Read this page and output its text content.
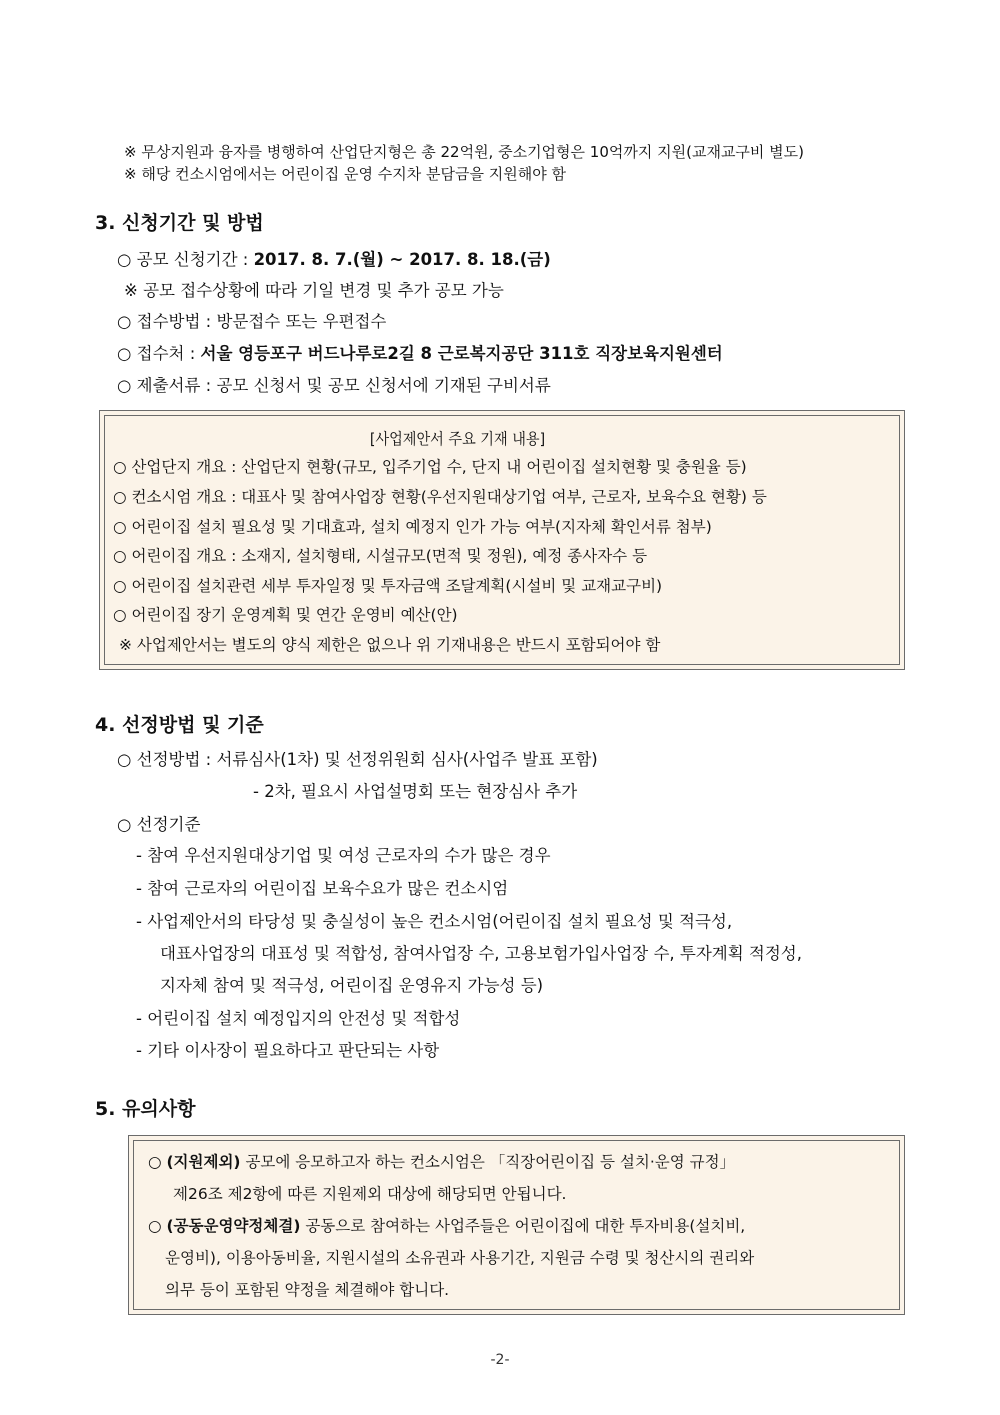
※ 무상지원과 융자를 병행하여 산업단지형은 총 22억원, 중소기업형은 10억까지 지원(교재교구비 별도)
※ 해당 컨소시엄에서는 어린이집 운영 수지차 분담금을 지원해야 함
3. 신청기간 및 방법
○ 공모 신청기간 : 2017. 8. 7.(월) ~ 2017. 8. 18.(금)
※ 공모 접수상황에 따라 기일 변경 및 추가 공모 가능
○ 접수방법 : 방문접수 또는 우편접수
○ 접수처 : 서울 영등포구 버드나루로2길 8 근로복지공단 311호 직장보육지원센터
○ 제출서류 : 공모 신청서 및 공모 신청서에 기재된 구비서류
[사업제안서 주요 기재 내용]
○ 산업단지 개요 : 산업단지 현황(규모, 입주기업 수, 단지 내 어린이집 설치현황 및 충원율 등)
○ 컨소시엄 개요 : 대표사 및 참여사업장 현황(우선지원대상기업 여부, 근로자, 보육수요 현황) 등
○ 어린이집 설치 필요성 및 기대효과, 설치 예정지 인가 가능 여부(지자체 확인서류 첨부)
○ 어린이집 개요 : 소재지, 설치형태, 시설규모(면적 및 정원), 예정 종사자수 등
○ 어린이집 설치관련 세부 투자일정 및 투자금액 조달계획(시설비 및 교재교구비)
○ 어린이집 장기 운영계획 및 연간 운영비 예산(안)
※ 사업제안서는 별도의 양식 제한은 없으나 위 기재내용은 반드시 포함되어야 함
4. 선정방법 및 기준
○ 선정방법 : 서류심사(1차) 및 선정위원회 심사(사업주 발표 포함)
- 2차, 필요시 사업설명회 또는 현장심사 추가
○ 선정기준
- 참여 우선지원대상기업 및 여성 근로자의 수가 많은 경우
- 참여 근로자의 어린이집 보육수요가 많은 컨소시엄
- 사업제안서의 타당성 및 충실성이 높은 컨소시엄(어린이집 설치 필요성 및 적극성,
대표사업장의 대표성 및 적합성, 참여사업장 수, 고용보험가입사업장 수, 투자계획 적정성,
지자체 참여 및 적극성, 어린이집 운영유지 가능성 등)
- 어린이집 설치 예정입지의 안전성 및 적합성
- 기타 이사장이 필요하다고 판단되는 사항
5. 유의사항
○ (지원제외) 공모에 응모하고자 하는 컨소시엄은 「직장어린이집 등 설치·운영 규정」
제26조 제2항에 따른 지원제외 대상에 해당되면 안됩니다.
○ (공동운영약정체결) 공동으로 참여하는 사업주들은 어린이집에 대한 투자비용(설치비,
운영비), 이용아동비율, 지원시설의 소유권과 사용기간, 지원금 수령 및 청산시의 권리와
의무 등이 포함된 약정을 체결해야 합니다.
-2-
